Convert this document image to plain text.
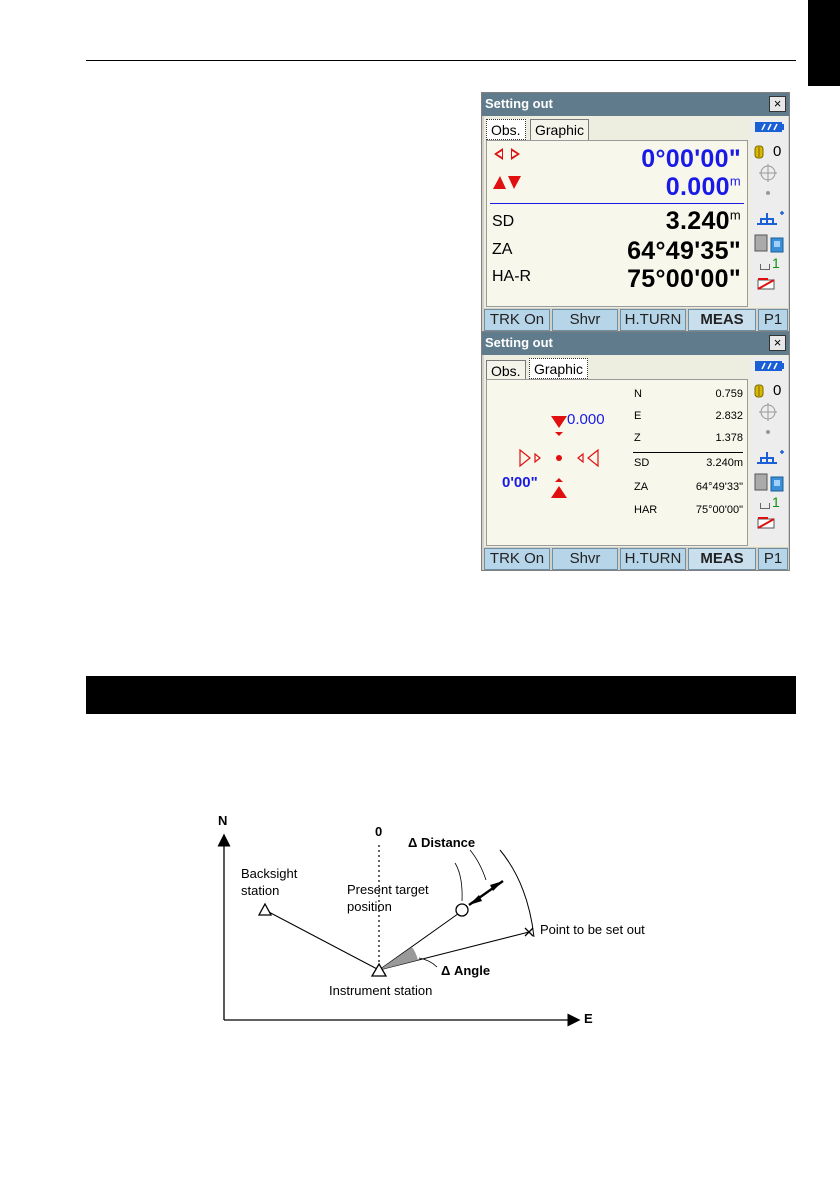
Setting out	×
Obs.	Graphic
0°00'00"
0.000$^m$
SD	3.240$^m$
ZA	64°49'35"
HA-R	75°00'00"
0
1
TRK On	Shvr	H.TURN	MEAS	P1
Setting out	×
Obs. Graphic
0.000
0'00"
N	0.759
E	2.832
Z	1.378
SD	3.240m
ZA	64°49'33"
HAR	75°00'00"
0
1
TRK On	Shvr	H.TURN	MEAS	P1
N
E
0
Δ Distance
Backsight
station	Present target
position
Point to be set out
Δ Angle
Instrument station
